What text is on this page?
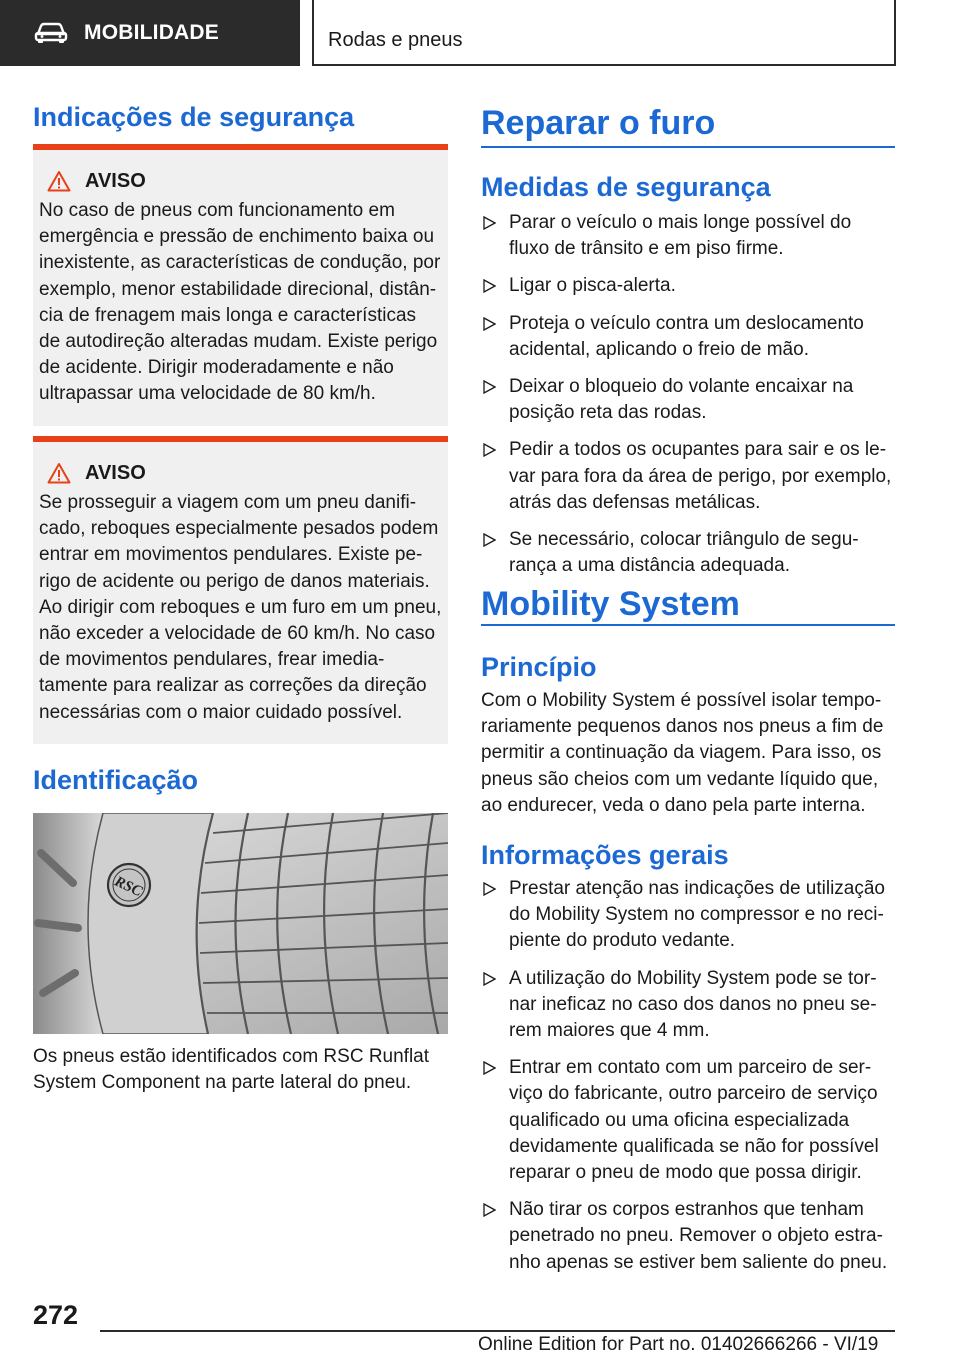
MOBILIDADE	Rodas e pneus
Indicações de segurança
AVISO

No caso de pneus com funcionamento em emergência e pressão de enchimento baixa ou inexistente, as características de condução, por exemplo, menor estabilidade direcional, distância de frenagem mais longa e características de autodireção alteradas mudam. Existe perigo de acidente. Dirigir moderadamente e não ultrapassar uma velocidade de 80 km/h.

AVISO

Se prosseguir a viagem com um pneu danificado, reboques especialmente pesados podem entrar em movimentos pendulares. Existe perigo de acidente ou perigo de danos materiais. Ao dirigir com reboques e um furo em um pneu, não exceder a velocidade de 60 km/h. No caso de movimentos pendulares, frear imediatamente para realizar as correções da direção necessárias com o maior cuidado possível.

Identificação
RSC
Os pneus estão identificados com RSC Runflat System Component na parte lateral do pneu.
Reparar o furo
Medidas de segurança
Parar o veículo o mais longe possível do fluxo de trânsito e em piso firme.
Ligar o pisca-alerta.
Proteja o veículo contra um deslocamento acidental, aplicando o freio de mão.
Deixar o bloqueio do volante encaixar na posição reta das rodas.
Pedir a todos os ocupantes para sair e os levar para fora da área de perigo, por exemplo, atrás das defensas metálicas.
Se necessário, colocar triângulo de segurança a uma distância adequada.
Mobility System
Princípio
Com o Mobility System é possível isolar temporariamente pequenos danos nos pneus a fim de permitir a continuação da viagem. Para isso, os pneus são cheios com um vedante líquido que, ao endurecer, veda o dano pela parte interna.
Informações gerais
Prestar atenção nas indicações de utilização do Mobility System no compressor e no recipiente do produto vedante.
A utilização do Mobility System pode se tornar ineficaz no caso dos danos no pneu serem maiores que 4 mm.
Entrar em contato com um parceiro de serviço do fabricante, outro parceiro de serviço qualificado ou uma oficina especializada devidamente qualificada se não for possível reparar o pneu de modo que possa dirigir.
Não tirar os corpos estranhos que tenham penetrado no pneu. Remover o objeto estranho apenas se estiver bem saliente do pneu.
272
Online Edition for Part no. 01402666266 - VI/19
